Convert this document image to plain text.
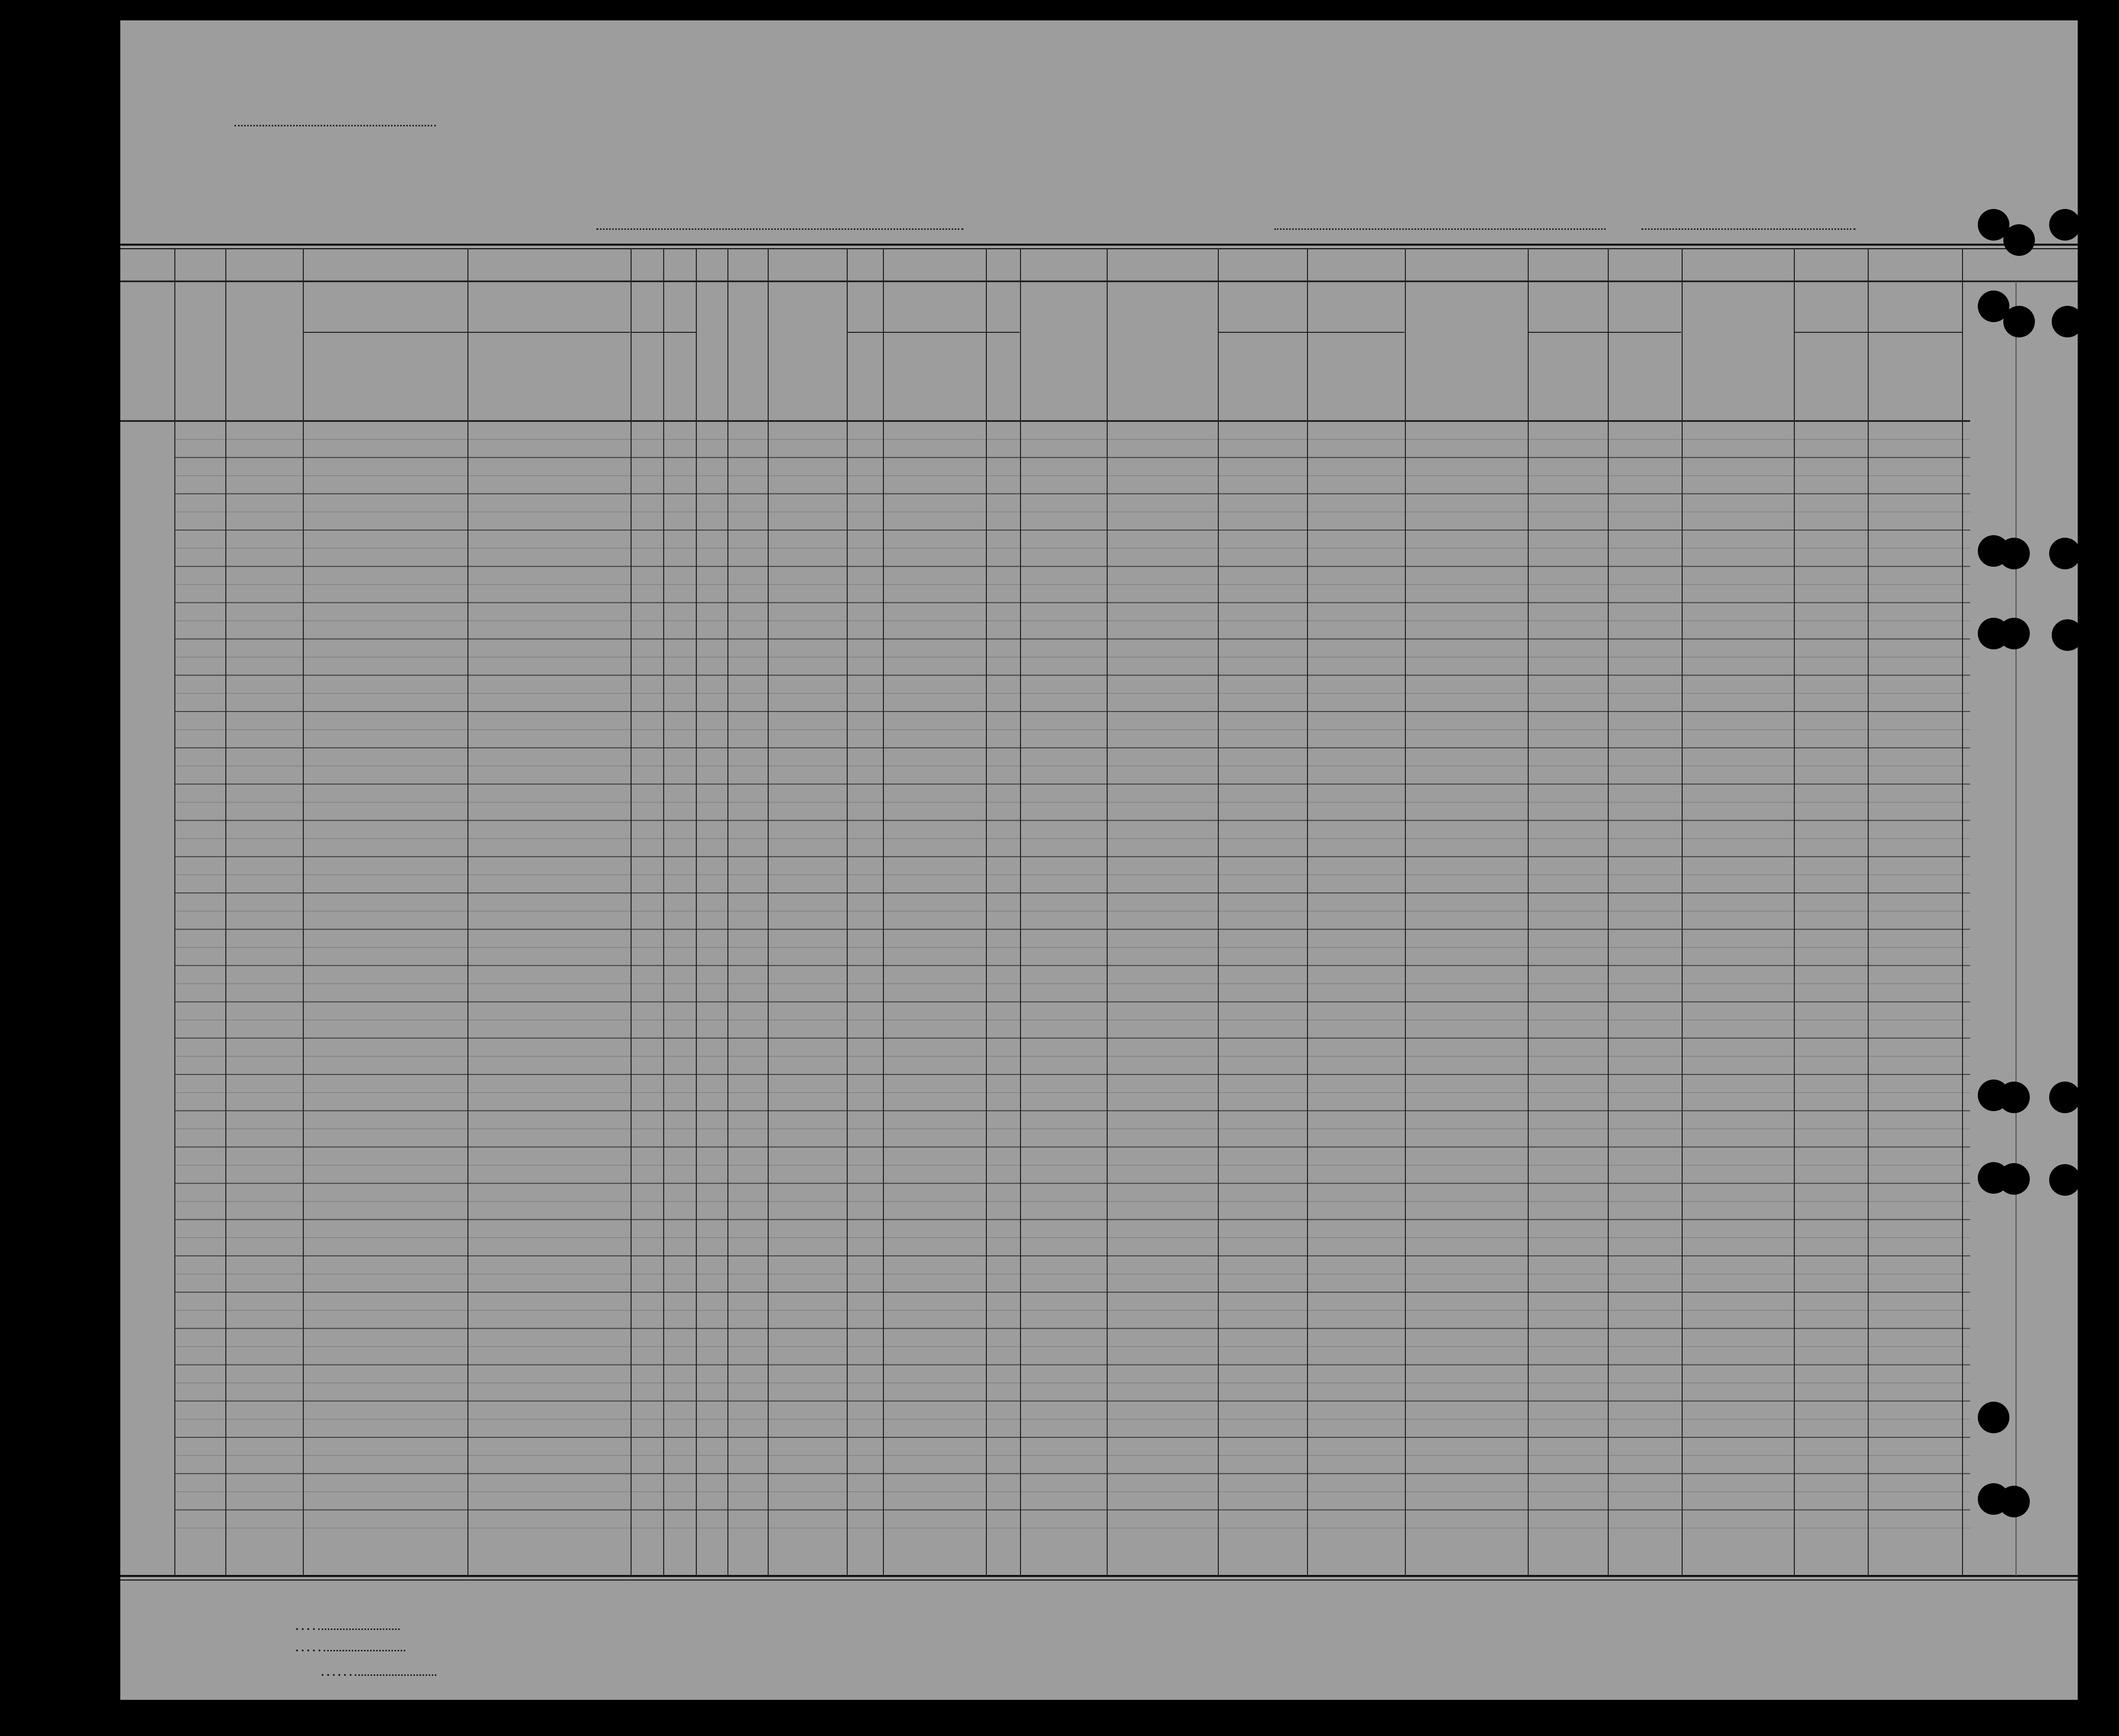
. . . .
. . . . .
. . . . . .
